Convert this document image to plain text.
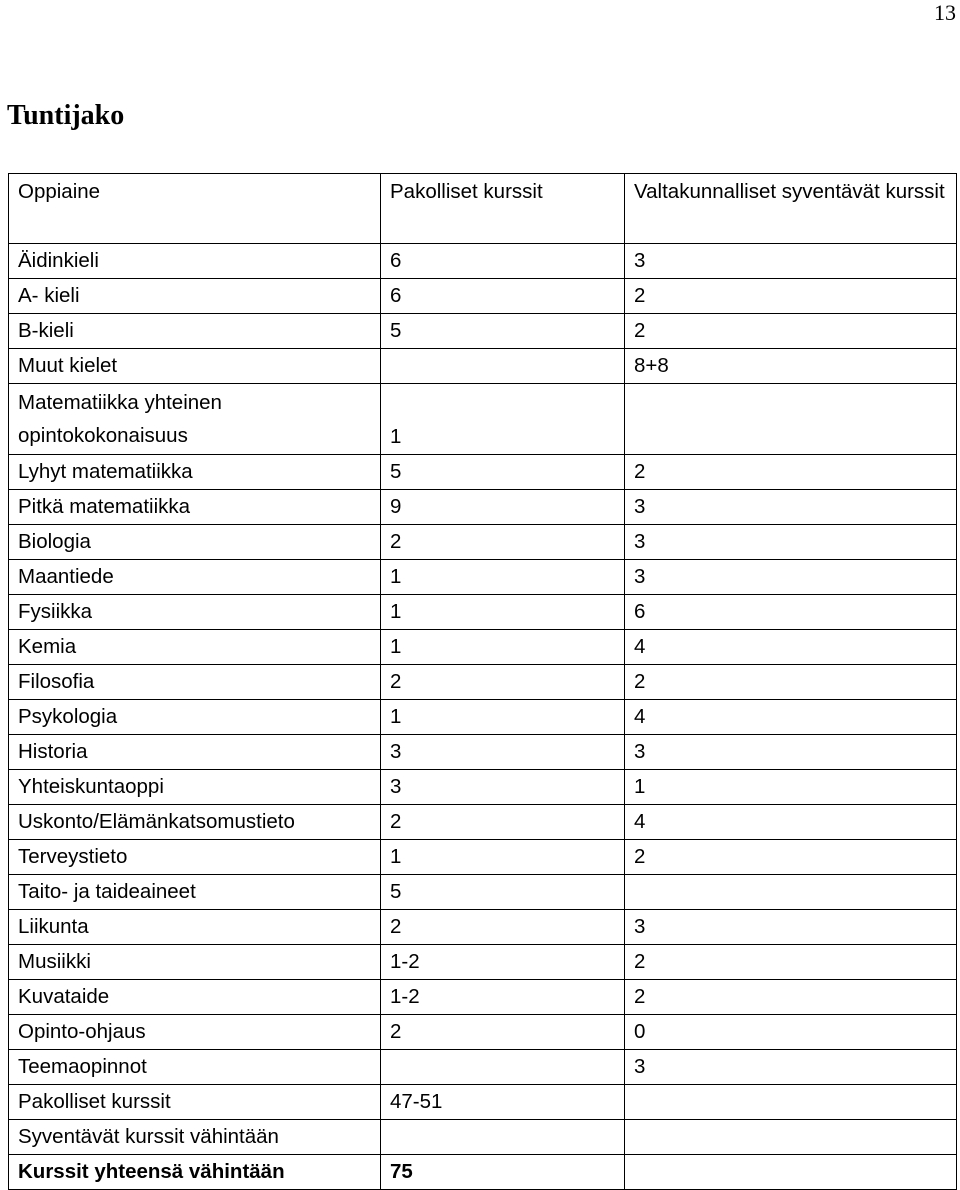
13
Tuntijako
Oppiaine	Pakolliset kurssit	Valtakunnalliset syventävät kurssit
Äidinkieli	6	3
A- kieli	6	2
B-kieli	5	2
Muut kielet		8+8
Matematiikka yhteinen opintokokonaisuus	1	
Lyhyt matematiikka	5	2
Pitkä matematiikka	9	3
Biologia	2	3
Maantiede	1	3
Fysiikka	1	6
Kemia	1	4
Filosofia	2	2
Psykologia	1	4
Historia	3	3
Yhteiskuntaoppi	3	1
Uskonto/Elämänkatsomustieto	2	4
Terveystieto	1	2
Taito- ja taideaineet	5	
Liikunta	2	3
Musiikki	1-2	2
Kuvataide	1-2	2
Opinto-ohjaus	2	0
Teemaopinnot		3
Pakolliset kurssit	47-51	
Syventävät kurssit vähintään		
Kurssit yhteensä vähintään	75	
